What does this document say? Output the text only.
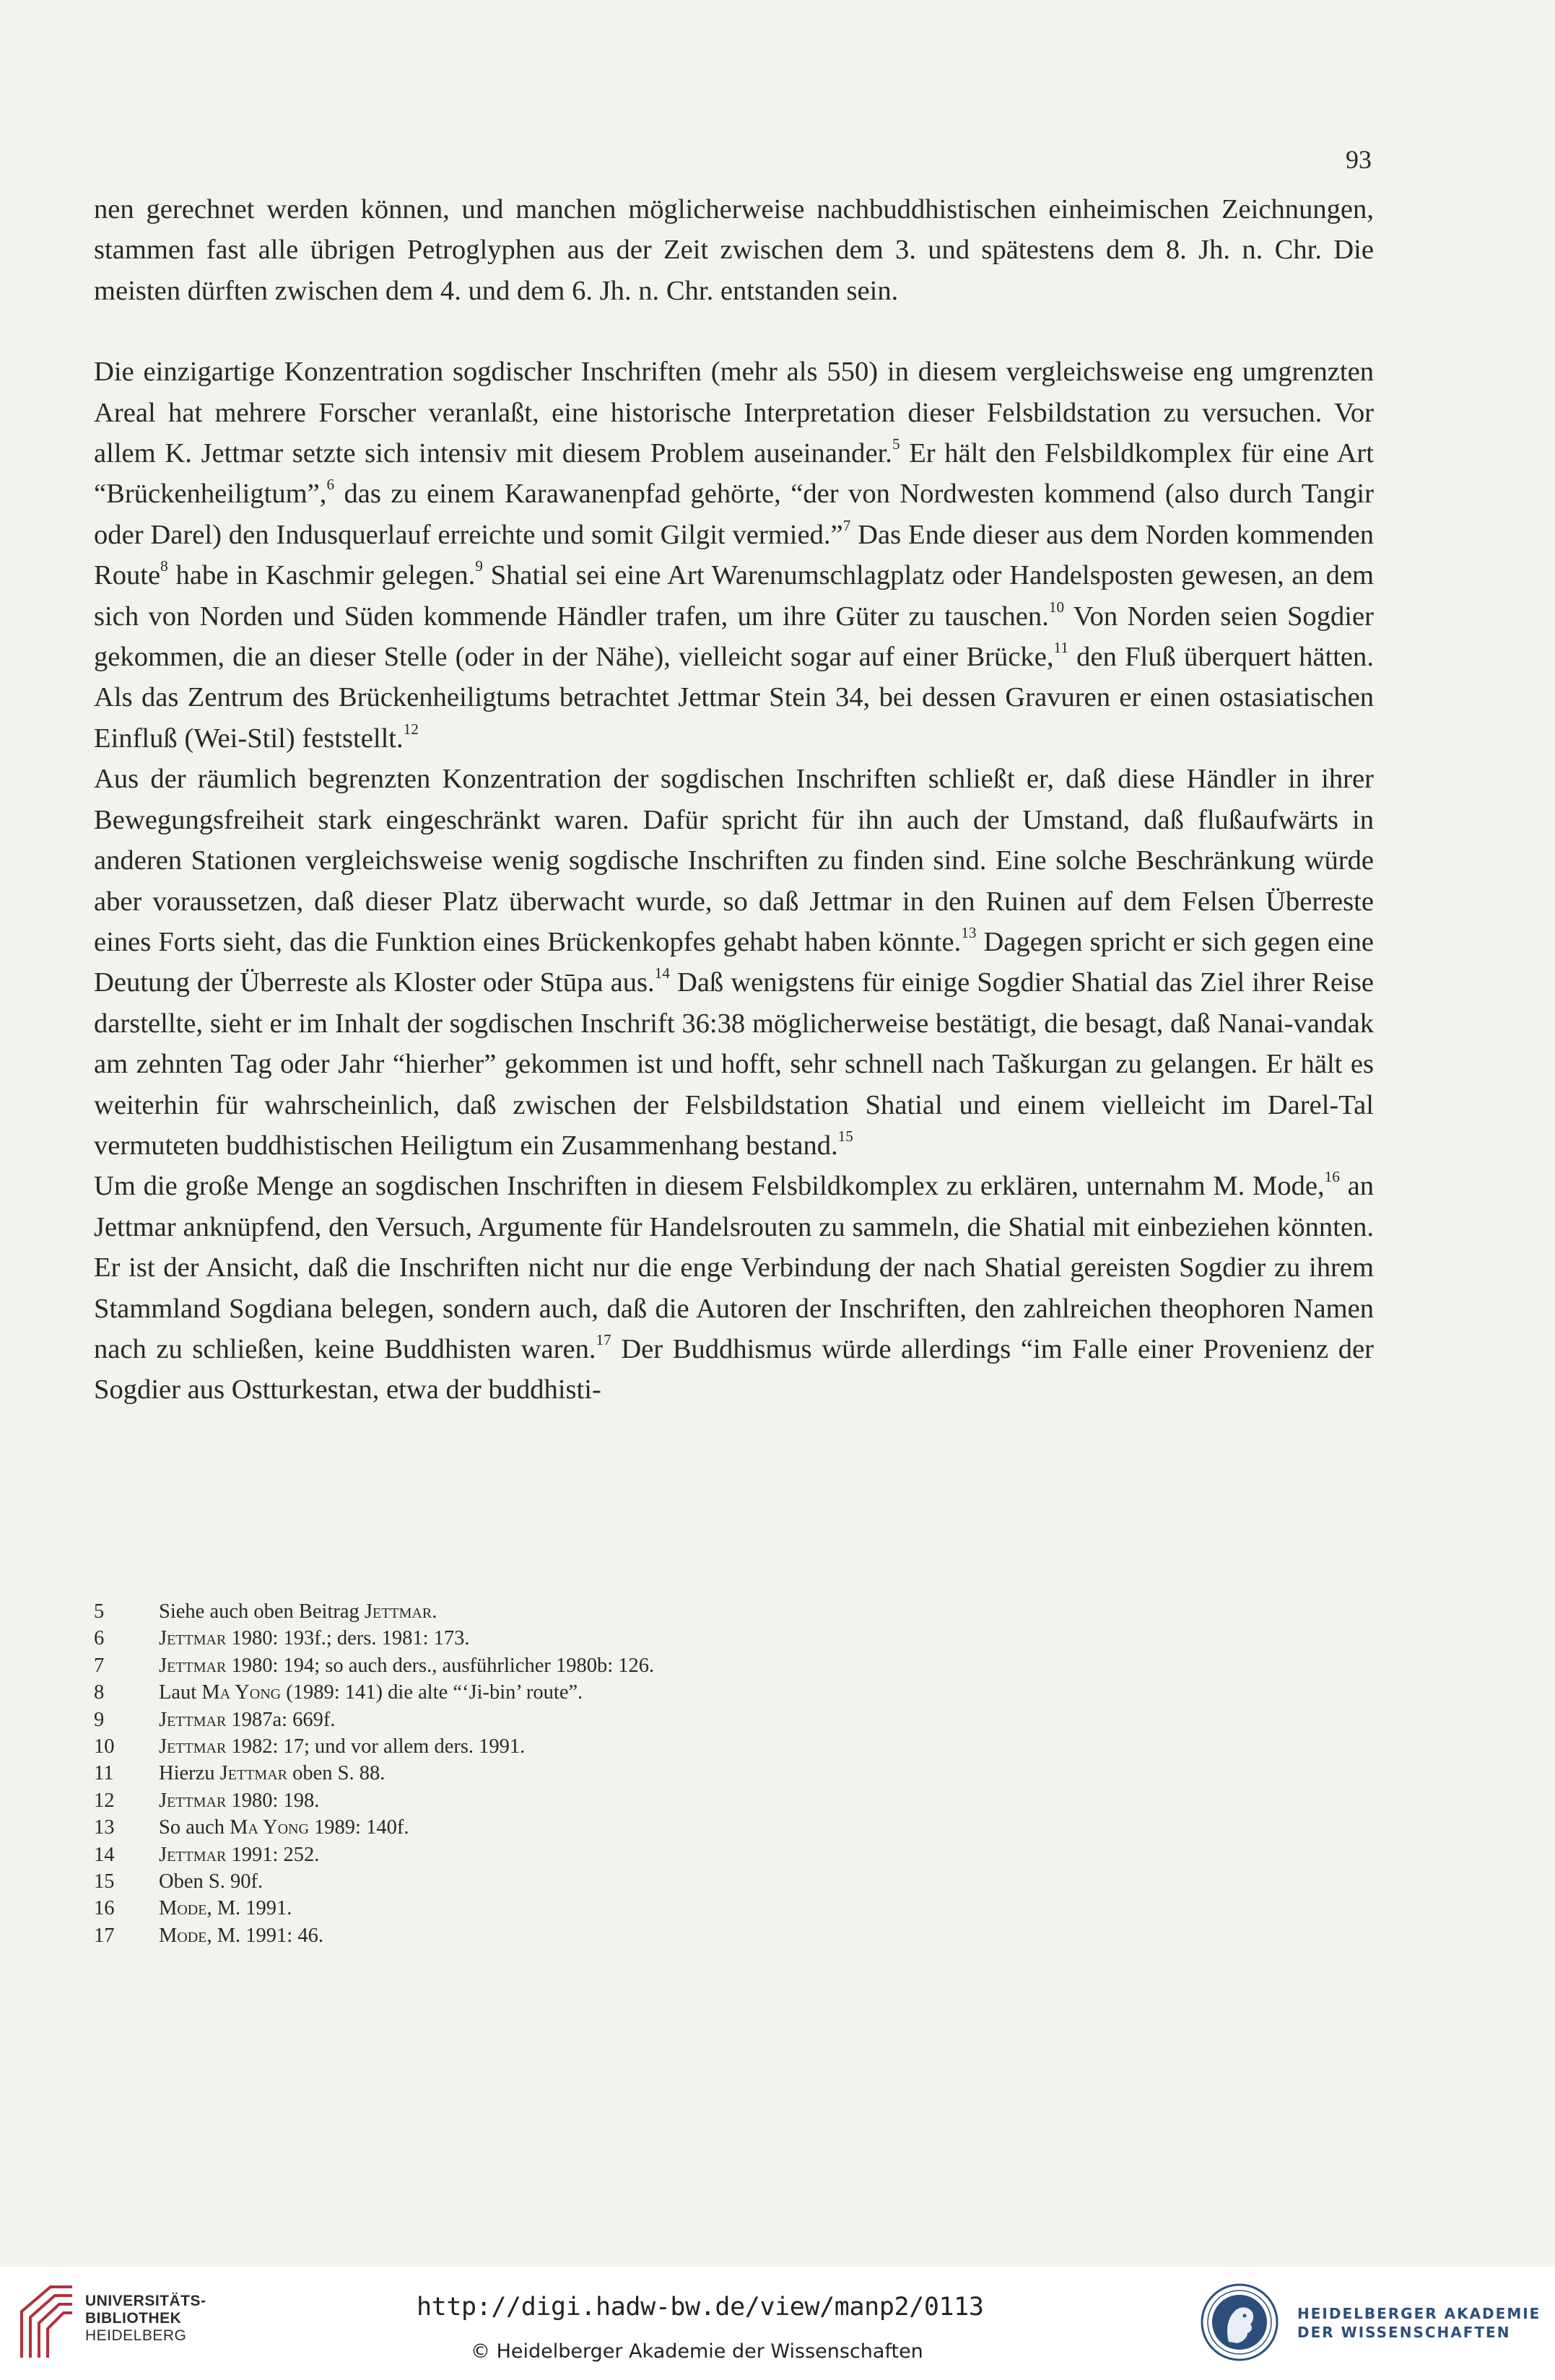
93

nen gerechnet werden können, und manchen möglicherweise nachbuddhistischen einheimischen Zeichnungen, stammen fast alle übrigen Petroglyphen aus der Zeit zwischen dem 3. und spätestens dem 8. Jh. n. Chr. Die meisten dürften zwischen dem 4. und dem 6. Jh. n. Chr. entstanden sein.

Die einzigartige Konzentration sogdischer Inschriften (mehr als 550) in diesem vergleichsweise eng umgrenzten Areal hat mehrere Forscher veranlaßt, eine historische Interpretation dieser Felsbildstation zu versuchen. Vor allem K. Jettmar setzte sich intensiv mit diesem Problem auseinander.$^5$ Er hält den Felsbildkomplex für eine Art “Brückenheiligtum”,$^6$ das zu einem Karawanenpfad gehörte, “der von Nordwesten kommend (also durch Tangir oder Darel) den Indusquerlauf erreichte und somit Gilgit vermied.”$^7$ Das Ende dieser aus dem Norden kommenden Route$^8$ habe in Kaschmir gelegen.$^9$ Shatial sei eine Art Warenumschlagplatz oder Handelsposten gewesen, an dem sich von Norden und Süden kommende Händler trafen, um ihre Güter zu tauschen.$^{10}$ Von Norden seien Sogdier gekommen, die an dieser Stelle (oder in der Nähe), vielleicht sogar auf einer Brücke,$^{11}$ den Fluß überquert hätten. Als das Zentrum des Brückenheiligtums betrachtet Jettmar Stein 34, bei dessen Gravuren er einen ostasiatischen Einfluß (Wei-Stil) feststellt.$^{12}$

Aus der räumlich begrenzten Konzentration der sogdischen Inschriften schließt er, daß diese Händler in ihrer Bewegungsfreiheit stark eingeschränkt waren. Dafür spricht für ihn auch der Umstand, daß flußaufwärts in anderen Stationen vergleichsweise wenig sogdische Inschriften zu finden sind. Eine solche Beschränkung würde aber voraussetzen, daß dieser Platz überwacht wurde, so daß Jettmar in den Ruinen auf dem Felsen Überreste eines Forts sieht, das die Funktion eines Brückenkopfes gehabt haben könnte.$^{13}$ Dagegen spricht er sich gegen eine Deutung der Überreste als Kloster oder Stūpa aus.$^{14}$ Daß wenigstens für einige Sogdier Shatial das Ziel ihrer Reise darstellte, sieht er im Inhalt der sogdischen Inschrift 36:38 möglicherweise bestätigt, die besagt, daß Nanai-vandak am zehnten Tag oder Jahr “hierher” gekommen ist und hofft, sehr schnell nach Taškurgan zu gelangen. Er hält es weiterhin für wahrscheinlich, daß zwischen der Felsbildstation Shatial und einem vielleicht im Darel-Tal vermuteten buddhistischen Heiligtum ein Zusammenhang bestand.$^{15}$

Um die große Menge an sogdischen Inschriften in diesem Felsbildkomplex zu erklären, unternahm M. Mode,$^{16}$ an Jettmar anknüpfend, den Versuch, Argumente für Handelsrouten zu sammeln, die Shatial mit einbeziehen könnten. Er ist der Ansicht, daß die Inschriften nicht nur die enge Verbindung der nach Shatial gereisten Sogdier zu ihrem Stammland Sogdiana belegen, sondern auch, daß die Autoren der Inschriften, den zahlreichen theophoren Namen nach zu schließen, keine Buddhisten waren.$^{17}$ Der Buddhismus würde allerdings “im Falle einer Provenienz der Sogdier aus Ostturkestan, etwa der buddhisti-

5	Siehe auch oben Beitrag Jettmar.
6	Jettmar 1980: 193f.; ders. 1981: 173.
7	Jettmar 1980: 194; so auch ders., ausführlicher 1980b: 126.
8	Laut Ma Yong (1989: 141) die alte “‘Ji-bin’ route”.
9	Jettmar 1987a: 669f.
10	Jettmar 1982: 17; und vor allem ders. 1991.
11	Hierzu Jettmar oben S. 88.
12	Jettmar 1980: 198.
13	So auch Ma Yong 1989: 140f.
14	Jettmar 1991: 252.
15	Oben S. 90f.
16	Mode, M. 1991.
17	Mode, M. 1991: 46.
UNIVERSITÄTS-
BIBLIOTHEK
HEIDELBERG
http://digi.hadw-bw.de/view/manp2/0113
© Heidelberger Akademie der Wissenschaften
HEIDELBERGER AKADEMIE
DER WISSENSCHAFTEN
